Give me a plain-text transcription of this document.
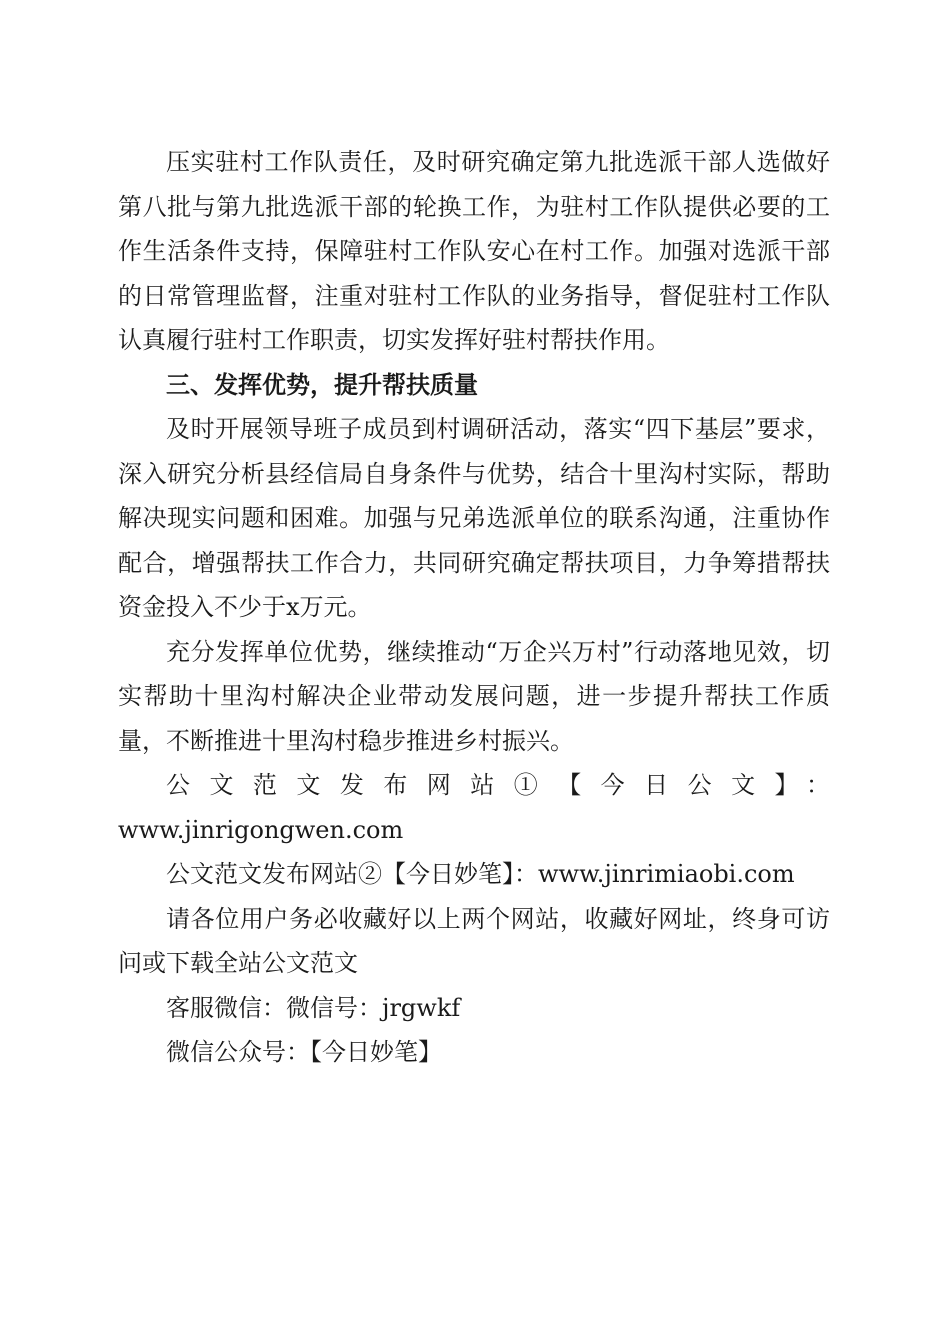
压实驻村工作队责任，及时研究确定第九批选派干部人选做好第八批与第九批选派干部的轮换工作，为驻村工作队提供必要的工作生活条件支持，保障驻村工作队安心在村工作。加强对选派干部的日常管理监督，注重对驻村工作队的业务指导，督促驻村工作队认真履行驻村工作职责，切实发挥好驻村帮扶作用。

三、发挥优势，提升帮扶质量

及时开展领导班子成员到村调研活动，落实“四下基层”要求，深入研究分析县经信局自身条件与优势，结合十里沟村实际，帮助解决现实问题和困难。加强与兄弟选派单位的联系沟通，注重协作配合，增强帮扶工作合力，共同研究确定帮扶项目，力争筹措帮扶资金投入不少于x万元。

充分发挥单位优势，继续推动“万企兴万村”行动落地见效，切实帮助十里沟村解决企业带动发展问题，进一步提升帮扶工作质量，不断推进十里沟村稳步推进乡村振兴。

公文范文发布网站①【今日公文】：

www.jinrigongwen.com

公文范文发布网站②【今日妙笔】：www.jinrimiaobi.com

请各位用户务必收藏好以上两个网站，收藏好网址，终身可访问或下载全站公文范文

客服微信：微信号：jrgwkf

微信公众号：【今日妙笔】
